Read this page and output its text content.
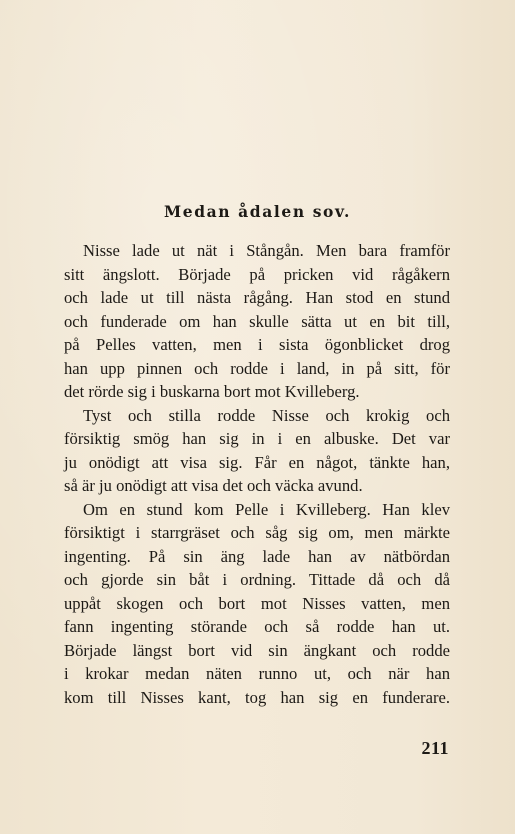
Medan ådalen sov.
Nisse lade ut nät i Stångån. Men bara framför
sitt ängslott. Började på pricken vid rågåkern
och lade ut till nästa rågång. Han stod en stund
och funderade om han skulle sätta ut en bit till,
på Pelles vatten, men i sista ögonblicket drog
han upp pinnen och rodde i land, in på sitt, för
det rörde sig i buskarna bort mot Kvilleberg.
Tyst och stilla rodde Nisse och krokig och
försiktig smög han sig in i en albuske. Det var
ju onödigt att visa sig. Får en något, tänkte han,
så är ju onödigt att visa det och väcka avund.
Om en stund kom Pelle i Kvilleberg. Han klev
försiktigt i starrgräset och såg sig om, men märkte
ingenting. På sin äng lade han av nätbördan
och gjorde sin båt i ordning. Tittade då och då
uppåt skogen och bort mot Nisses vatten, men
fann ingenting störande och så rodde han ut.
Började längst bort vid sin ängkant och rodde
i krokar medan näten runno ut, och när han
kom till Nisses kant, tog han sig en funderare.
211
